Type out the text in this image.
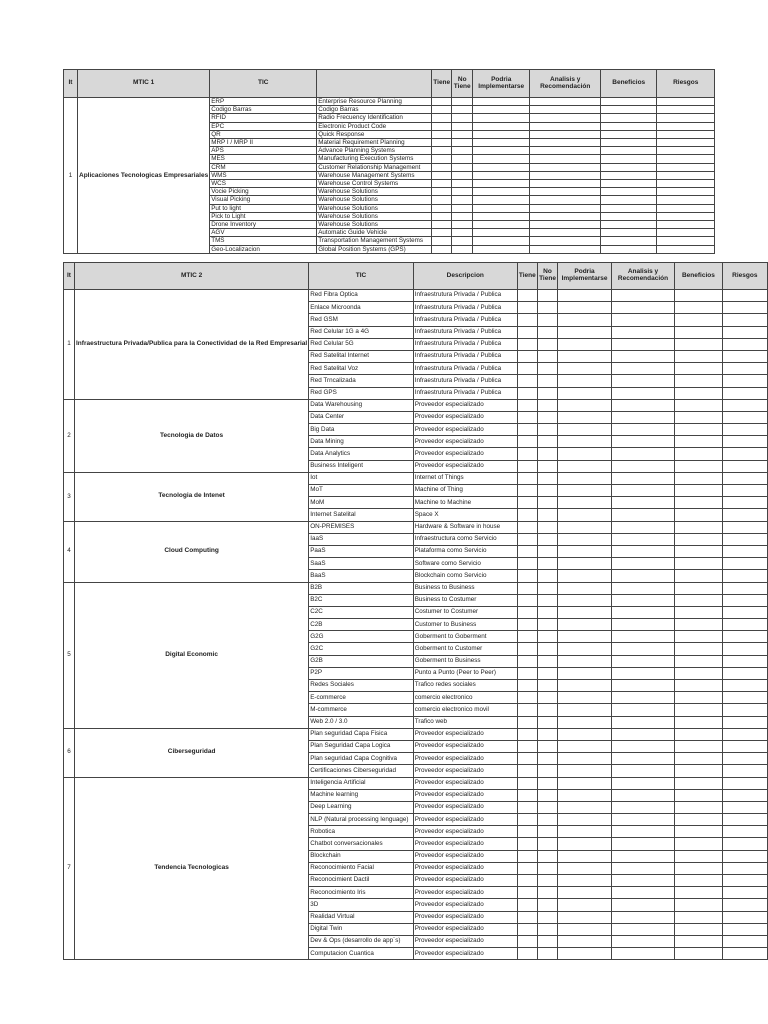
It	MTIC 1	TIC		Tiene	No Tiene	Podria Implementarse	Analisis y Recomendación	Beneficios	Riesgos
1	Aplicaciones Tecnologicas Empresariales	ERP	Enterprise Resource Planning						
		Codigo Barras	Codigo Barras						
		RFID	Radio Frecuency Identification						
		EPC	Electronic Product Code						
		QR	Quick Response						
		MRP I / MRP II	Material Requirement Planning						
		APS	Advance Planning Systems						
		MES	Manufacturing Execution Systems						
		CRM	Customer Relationship Management						
		WMS	Warehouse Management Systems						
		WCS	Warehouse Control Systems						
		Vocie Picking	Warehouse Solutions						
		Visual Picking	Warehouse Solutions						
		Put to light	Warehouse Solutions						
		Pick to Light	Warehouse Solutions						
		Drone Inventory	Warehouse Solutions						
		AGV	Automatic Guide Vehicle						
		TMS	Transportation Management Systems						
		Geo-Localizacion	Global Position Systems (GPS)						
It	MTIC 2	TIC	Descripcion	Tiene	No Tiene	Podria Implementarse	Analisis y Recomendación	Beneficios	Riesgos
1	Infraestructura Privada/Publica para la Conectividad de la Red Empresarial	Red Fibra Optica	Infraestrutura Privada / Publica						
		Enlace Microonda	Infraestrutura Privada / Publica						
		Red GSM	Infraestrutura Privada / Publica						
		Red Celular 1G a 4G	Infraestrutura Privada / Publica						
		Red Celular 5G	Infraestrutura Privada / Publica						
		Red Satelital Internet	Infraestrutura Privada / Publica						
		Red Satelital Voz	Infraestrutura Privada / Publica						
		Red Trncalizada	Infraestrutura Privada / Publica						
		Red GPS	Infraestrutura Privada / Publica						
2	Tecnologia de Datos	Data Warehousing	Proveedor especializado						
		Data Center	Proveedor especializado						
		Big Data	Proveedor especializado						
		Data Mining	Proveedor especializado						
		Data Analytics	Proveedor especializado						
		Business Inteligent	Proveedor especializado						
3	Tecnologia de Intenet	Iot	Internet of Things						
		MoT	Machine of Thing						
		MoM	Machine to Machine						
		Internet Satelital	Space X						
4	Cloud Computing	ON-PREMISES	Hardware & Software in house						
		IaaS	Infraestructura como Servicio						
		PaaS	Plataforma como Servicio						
		SaaS	Software como Servicio						
		BaaS	Blockchain como Servicio						
5	Digital Economic	B2B	Business to Business						
		B2C	Business to Costumer						
		C2C	Costumer to Costumer						
		C2B	Customer to Business						
		G2G	Goberment to Goberment						
		G2C	Goberment to Customer						
		G2B	Goberment to Business						
		P2P	Punto a Punto (Peer to Peer)						
		Redes Sociales	Trafico redes sociales						
		E-commerce	comercio electronico						
		M-commerce	comercio electronico movil						
		Web 2.0 / 3.0	Trafico web						
6	Ciberseguridad	Plan seguridad Capa Fisica	Proveedor especializado						
		Plan Seguridad Capa Logica	Proveedor especializado						
		Plan seguridad Capa Cognitiva	Proveedor especializado						
		Certificaciones Ciberseguridad	Proveedor especializado						
7	Tendencia Tecnologicas	Inteligencia Artificial	Proveedor especializado						
		Machine learning	Proveedor especializado						
		Deep Learning	Proveedor especializado						
		NLP (Natural processing lenguage)	Proveedor especializado						
		Robotica	Proveedor especializado						
		Chatbot conversacionales	Proveedor especializado						
		Blockchain	Proveedor especializado						
		Reconocimiento Facial	Proveedor especializado						
		Reconocimient Dactil	Proveedor especializado						
		Reconocimiento Iris	Proveedor especializado						
		3D	Proveedor especializado						
		Realidad Virtual	Proveedor especializado						
		Digital Twin	Proveedor especializado						
		Dev & Ops (desarrollo de app´s)	Proveedor especializado						
		Computacion Cuantica	Proveedor especializado						
